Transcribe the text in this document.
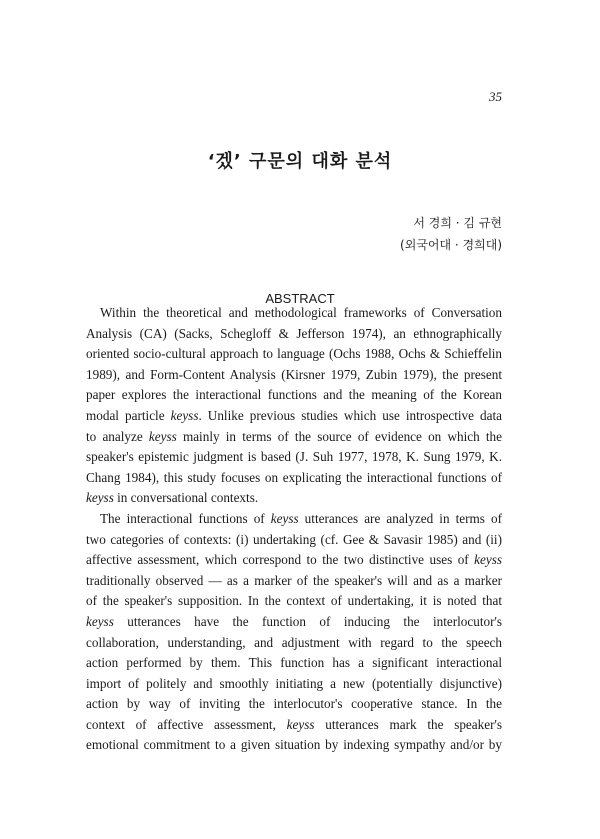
35
‘겠’ 구문의 대화 분석
서 경희 · 김 규현
(외국어대 · 경희대)
ABSTRACT
Within the theoretical and methodological frameworks of Conversation
Analysis (CA) (Sacks, Schegloff & Jefferson 1974), an ethnographically
oriented socio-cultural approach to language (Ochs 1988, Ochs & Schieffelin
1989), and Form-Content Analysis (Kirsner 1979, Zubin 1979), the present
paper explores the interactional functions and the meaning of the Korean
modal particle keyss. Unlike previous studies which use introspective data
to analyze keyss mainly in terms of the source of evidence on which the
speaker's epistemic judgment is based (J. Suh 1977, 1978, K. Sung 1979, K.
Chang 1984), this study focuses on explicating the interactional functions of
keyss in conversational contexts.
The interactional functions of keyss utterances are analyzed in terms of
two categories of contexts: (i) undertaking (cf. Gee & Savasir 1985) and (ii)
affective assessment, which correspond to the two distinctive uses of keyss
traditionally observed — as a marker of the speaker's will and as a marker
of the speaker's supposition. In the context of undertaking, it is noted that
keyss utterances have the function of inducing the interlocutor's
collaboration, understanding, and adjustment with regard to the speech
action performed by them. This function has a significant interactional
import of politely and smoothly initiating a new (potentially disjunctive)
action by way of inviting the interlocutor's cooperative stance. In the
context of affective assessment, keyss utterances mark the speaker's
emotional commitment to a given situation by indexing sympathy and/or by
